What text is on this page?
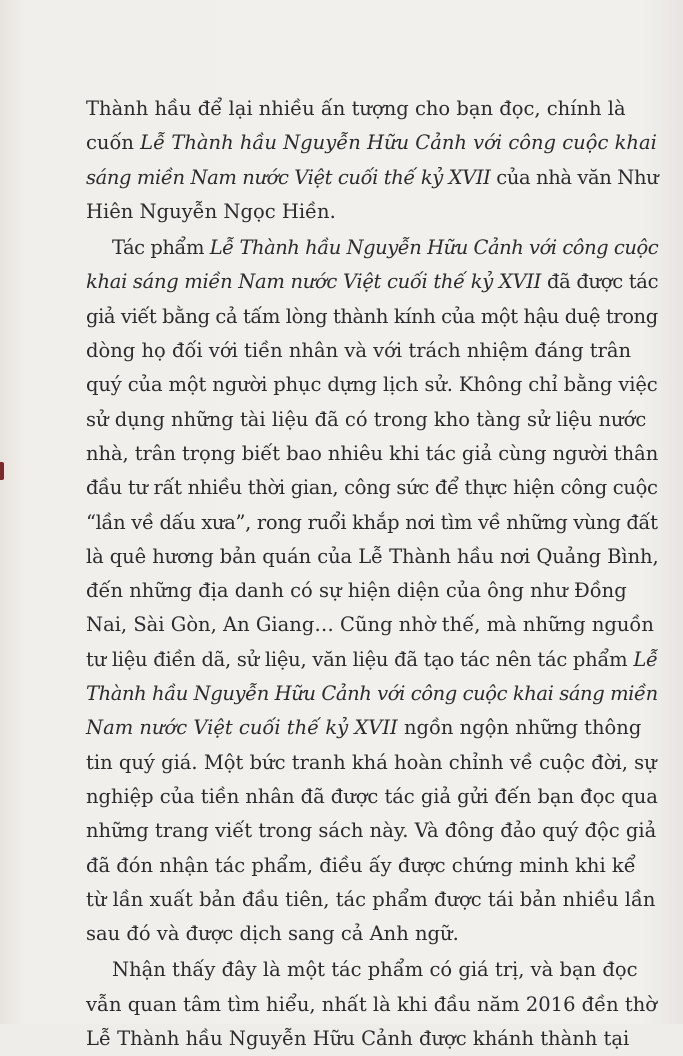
Thành hầu để lại nhiều ấn tượng cho bạn đọc, chính là
cuốn Lễ Thành hầu Nguyễn Hữu Cảnh với công cuộc khai
sáng miền Nam nước Việt cuối thế kỷ XVII của nhà văn Như
Hiên Nguyễn Ngọc Hiền.
Tác phẩm Lễ Thành hầu Nguyễn Hữu Cảnh với công cuộc
khai sáng miền Nam nước Việt cuối thế kỷ XVII đã được tác
giả viết bằng cả tấm lòng thành kính của một hậu duệ trong
dòng họ đối với tiền nhân và với trách nhiệm đáng trân
quý của một người phục dựng lịch sử. Không chỉ bằng việc
sử dụng những tài liệu đã có trong kho tàng sử liệu nước
nhà, trân trọng biết bao nhiêu khi tác giả cùng người thân
đầu tư rất nhiều thời gian, công sức để thực hiện công cuộc
“lần về dấu xưa”, rong ruổi khắp nơi tìm về những vùng đất
là quê hương bản quán của Lễ Thành hầu nơi Quảng Bình,
đến những địa danh có sự hiện diện của ông như Đồng
Nai, Sài Gòn, An Giang… Cũng nhờ thế, mà những nguồn
tư liệu điền dã, sử liệu, văn liệu đã tạo tác nên tác phẩm Lễ
Thành hầu Nguyễn Hữu Cảnh với công cuộc khai sáng miền
Nam nước Việt cuối thế kỷ XVII ngồn ngộn những thông
tin quý giá. Một bức tranh khá hoàn chỉnh về cuộc đời, sự
nghiệp của tiền nhân đã được tác giả gửi đến bạn đọc qua
những trang viết trong sách này. Và đông đảo quý độc giả
đã đón nhận tác phẩm, điều ấy được chứng minh khi kể
từ lần xuất bản đầu tiên, tác phẩm được tái bản nhiều lần
sau đó và được dịch sang cả Anh ngữ.
Nhận thấy đây là một tác phẩm có giá trị, và bạn đọc
vẫn quan tâm tìm hiểu, nhất là khi đầu năm 2016 đền thờ
Lễ Thành hầu Nguyễn Hữu Cảnh được khánh thành tại
